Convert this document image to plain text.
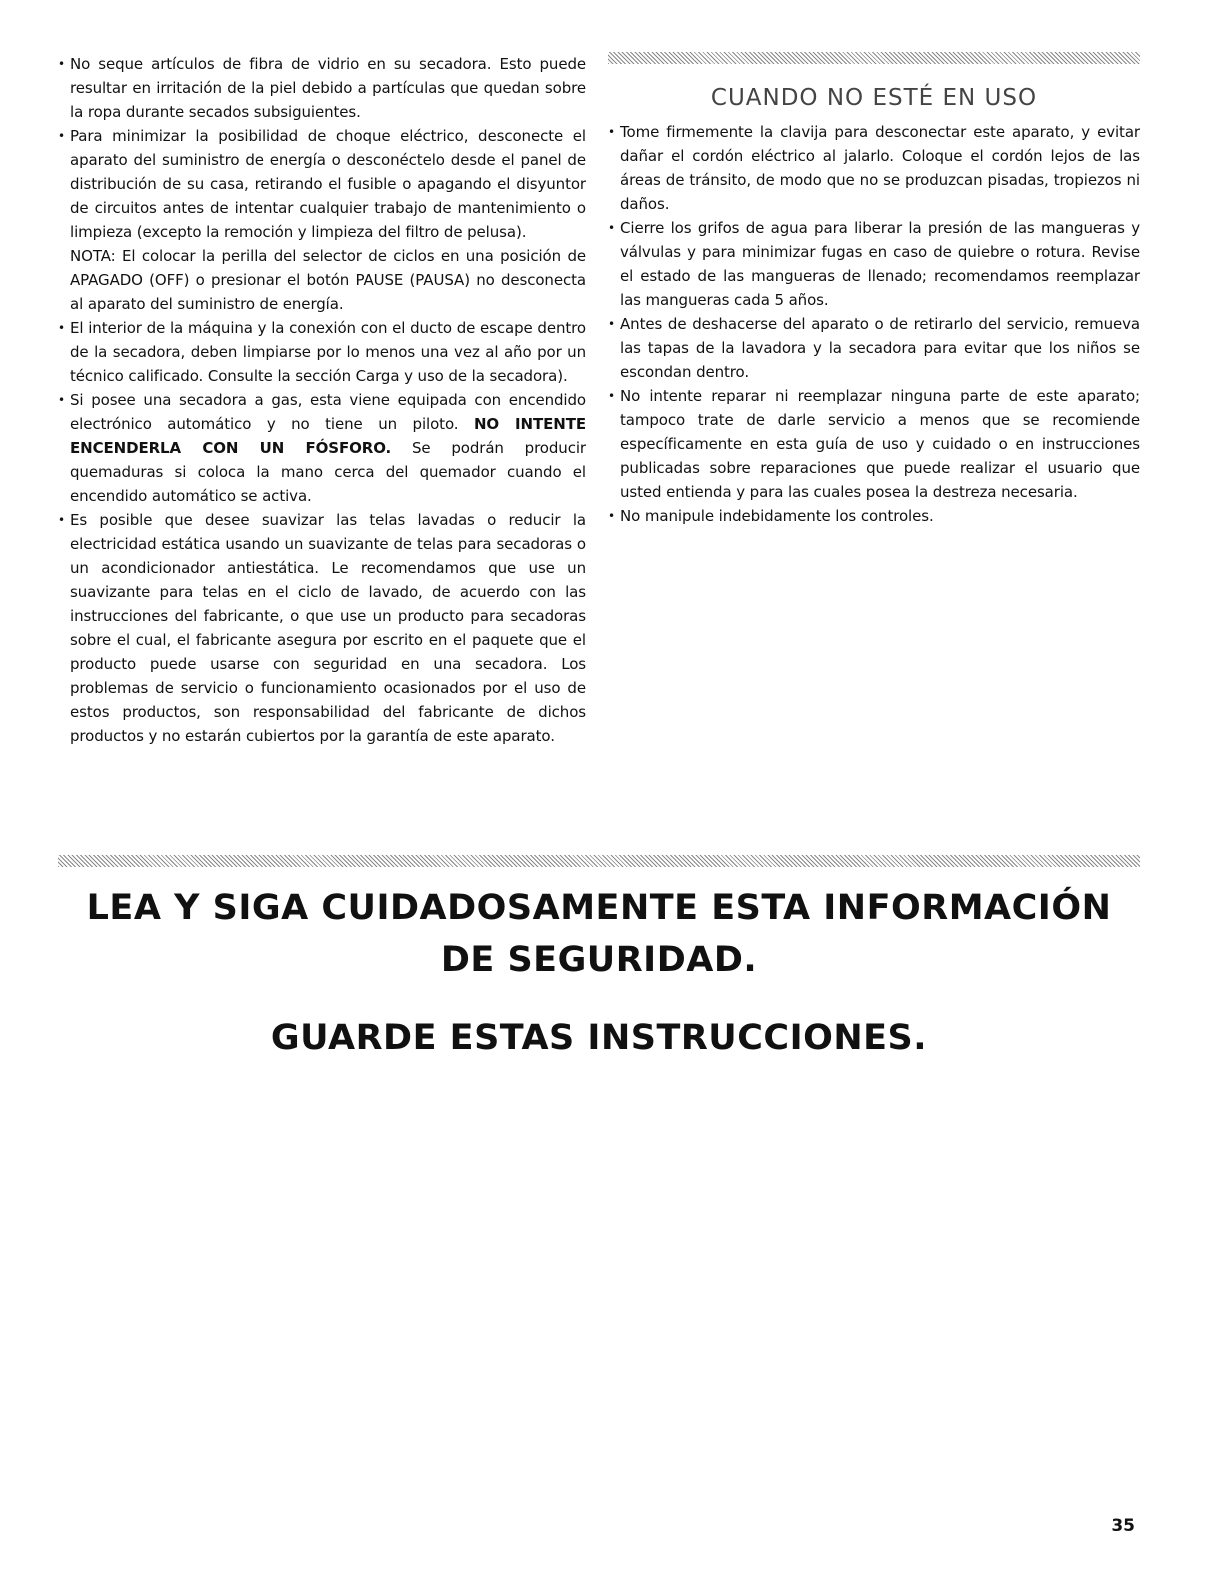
• No seque artículos de fibra de vidrio en su secadora. Esto puede resultar en irritación de la piel debido a partículas que quedan sobre la ropa durante secados subsiguientes.
• Para minimizar la posibilidad de choque eléctrico, desconecte el aparato del suministro de energía o desconéctelo desde el panel de distribución de su casa, retirando el fusible o apagando el disyuntor de circuitos antes de intentar cualquier trabajo de mantenimiento o limpieza (excepto la remoción y limpieza del filtro de pelusa).
NOTA: El colocar la perilla del selector de ciclos en una posición de APAGADO (OFF) o presionar el botón PAUSE (PAUSA) no desconecta al aparato del suministro de energía.
• El interior de la máquina y la conexión con el ducto de escape dentro de la secadora, deben limpiarse por lo menos una vez al año por un técnico calificado. Consulte la sección Carga y uso de la secadora).
• Si posee una secadora a gas, esta viene equipada con encendido electrónico automático y no tiene un piloto. NO INTENTE ENCENDERLA CON UN FÓSFORO. Se podrán producir quemaduras si coloca la mano cerca del quemador cuando el encendido automático se activa.
• Es posible que desee suavizar las telas lavadas o reducir la electricidad estática usando un suavizante de telas para secadoras o un acondicionador antiestática. Le recomendamos que use un suavizante para telas en el ciclo de lavado, de acuerdo con las instrucciones del fabricante, o que use un producto para secadoras sobre el cual, el fabricante asegura por escrito en el paquete que el producto puede usarse con seguridad en una secadora. Los problemas de servicio o funcionamiento ocasionados por el uso de estos productos, son responsabilidad del fabricante de dichos productos y no estarán cubiertos por la garantía de este aparato.
CUANDO NO ESTÉ EN USO
• Tome firmemente la clavija para desconectar este aparato, y evitar dañar el cordón eléctrico al jalarlo. Coloque el cordón lejos de las áreas de tránsito, de modo que no se produzcan pisadas, tropiezos ni daños.
• Cierre los grifos de agua para liberar la presión de las mangueras y válvulas y para minimizar fugas en caso de quiebre o rotura. Revise el estado de las mangueras de llenado; recomendamos reemplazar las mangueras cada 5 años.
• Antes de deshacerse del aparato o de retirarlo del servicio, remueva las tapas de la lavadora y la secadora para evitar que los niños se escondan dentro.
• No intente reparar ni reemplazar ninguna parte de este aparato; tampoco trate de darle servicio a menos que se recomiende específicamente en esta guía de uso y cuidado o en instrucciones publicadas sobre reparaciones que puede realizar el usuario que usted entienda y para las cuales posea la destreza necesaria.
• No manipule indebidamente los controles.
LEA Y SIGA CUIDADOSAMENTE ESTA INFORMACIÓN DE SEGURIDAD.
GUARDE ESTAS INSTRUCCIONES.
35
